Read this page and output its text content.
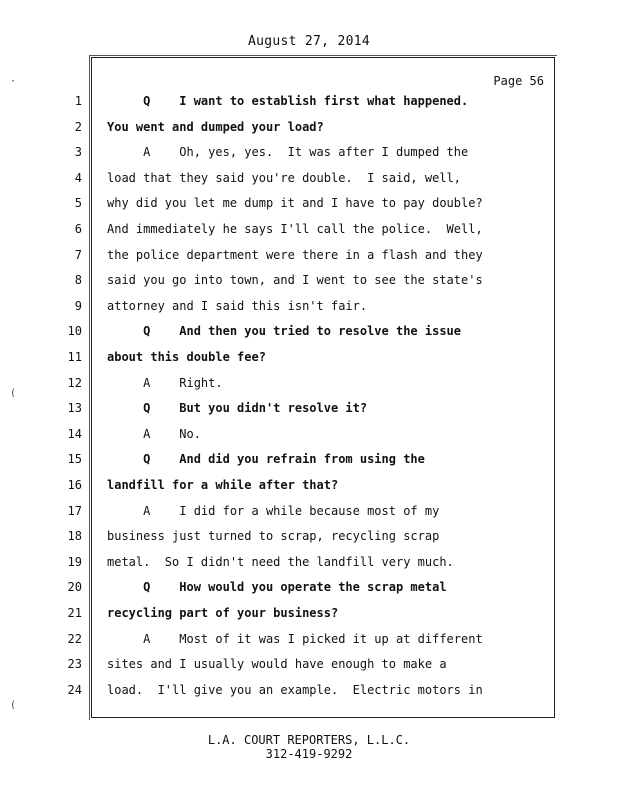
August 27, 2014
Page 56
1 Q    I want to establish first what happened.
2 You went and dumped your load?
3 A    Oh, yes, yes.  It was after I dumped the
4 load that they said you're double.  I said, well,
5 why did you let me dump it and I have to pay double?
6 And immediately he says I'll call the police.  Well,
7 the police department were there in a flash and they
8 said you go into town, and I went to see the state's
9 attorney and I said this isn't fair.
10 Q    And then you tried to resolve the issue
11 about this double fee?
12 A    Right.
13 Q    But you didn't resolve it?
14 A    No.
15 Q    And did you refrain from using the
16 landfill for a while after that?
17 A    I did for a while because most of my
18 business just turned to scrap, recycling scrap
19 metal.  So I didn't need the landfill very much.
20 Q    How would you operate the scrap metal
21 recycling part of your business?
22 A    Most of it was I picked it up at different
23 sites and I usually would have enough to make a
24 load.  I'll give you an example.  Electric motors in
L.A. COURT REPORTERS, L.L.C.
312-419-9292
·
(
(
